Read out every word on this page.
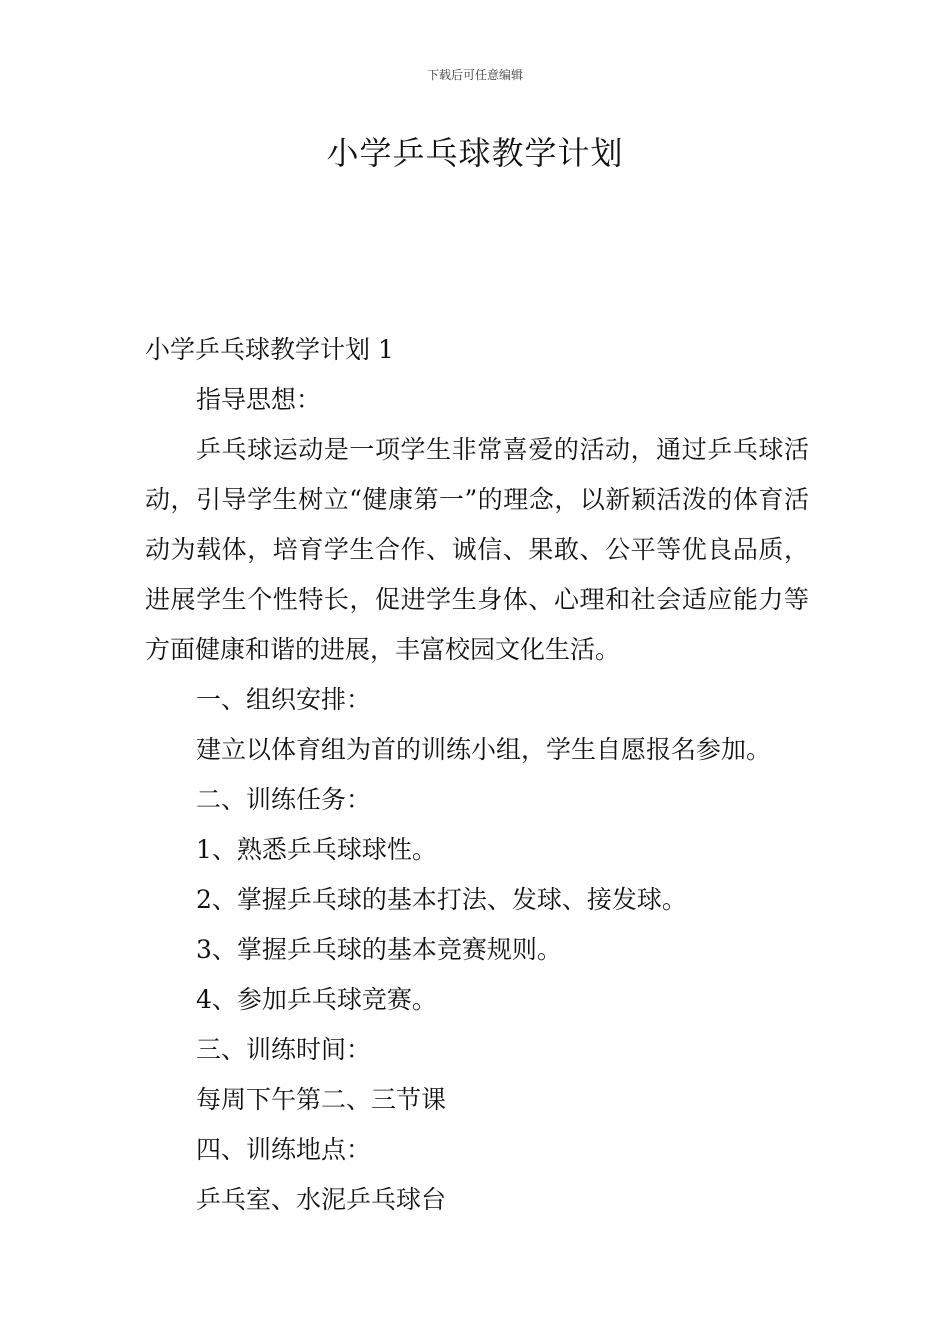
下载后可任意编辑
小学乒乓球教学计划

小学乒乓球教学计划 1

指导思想：

乒乓球运动是一项学生非常喜爱的活动，通过乒乓球活动，引导学生树立“健康第一”的理念，以新颖活泼的体育活动为载体，培育学生合作、诚信、果敢、公平等优良品质，进展学生个性特长，促进学生身体、心理和社会适应能力等方面健康和谐的进展，丰富校园文化生活。

一、组织安排：

建立以体育组为首的训练小组，学生自愿报名参加。

二、训练任务：

1、熟悉乒乓球球性。

2、掌握乒乓球的基本打法、发球、接发球。

3、掌握乒乓球的基本竞赛规则。

4、参加乒乓球竞赛。

三、训练时间：

每周下午第二、三节课

四、训练地点：

乒乓室、水泥乒乓球台
